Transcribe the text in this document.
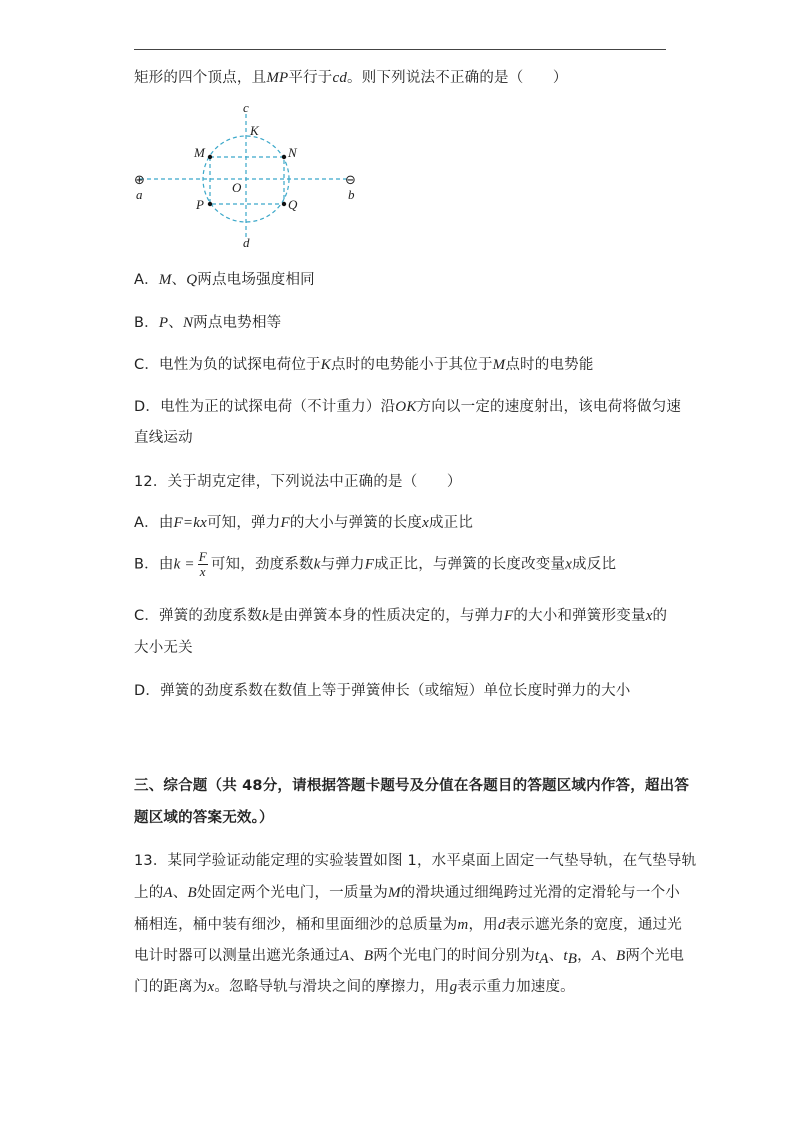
矩形的四个顶点，且MP平行于cd。则下列说法不正确的是（　　）
⊕	⊖
c
d
a	b
K
M	N
O
P	Q
A．M、Q两点电场强度相同
B．P、N两点电势相等
C．电性为负的试探电荷位于K点时的电势能小于其位于M点时的电势能
D．电性为正的试探电荷（不计重力）沿OK方向以一定的速度射出，该电荷将做匀速
直线运动
12．关于胡克定律，下列说法中正确的是（　　）
A．由F=kx可知，弹力F的大小与弹簧的长度x成正比
B．由$k = \frac{F}{x}$ 可知，劲度系数k与弹力F成正比，与弹簧的长度改变量x成反比
C．弹簧的劲度系数k是由弹簧本身的性质决定的，与弹力F的大小和弹簧形变量x的
大小无关
D．弹簧的劲度系数在数值上等于弹簧伸长（或缩短）单位长度时弹力的大小
三、综合题（共 48分，请根据答题卡题号及分值在各题目的答题区域内作答，超出答
题区域的答案无效。）
13．某同学验证动能定理的实验装置如图 1，水平桌面上固定一气垫导轨，在气垫导轨
上的A、B处固定两个光电门，一质量为M的滑块通过细绳跨过光滑的定滑轮与一个小
桶相连，桶中装有细沙，桶和里面细沙的总质量为m，用d表示遮光条的宽度，通过光
电计时器可以测量出遮光条通过A、B两个光电门的时间分别为tA、tB，A、B两个光电
门的距离为x。忽略导轨与滑块之间的摩擦力，用g表示重力加速度。
